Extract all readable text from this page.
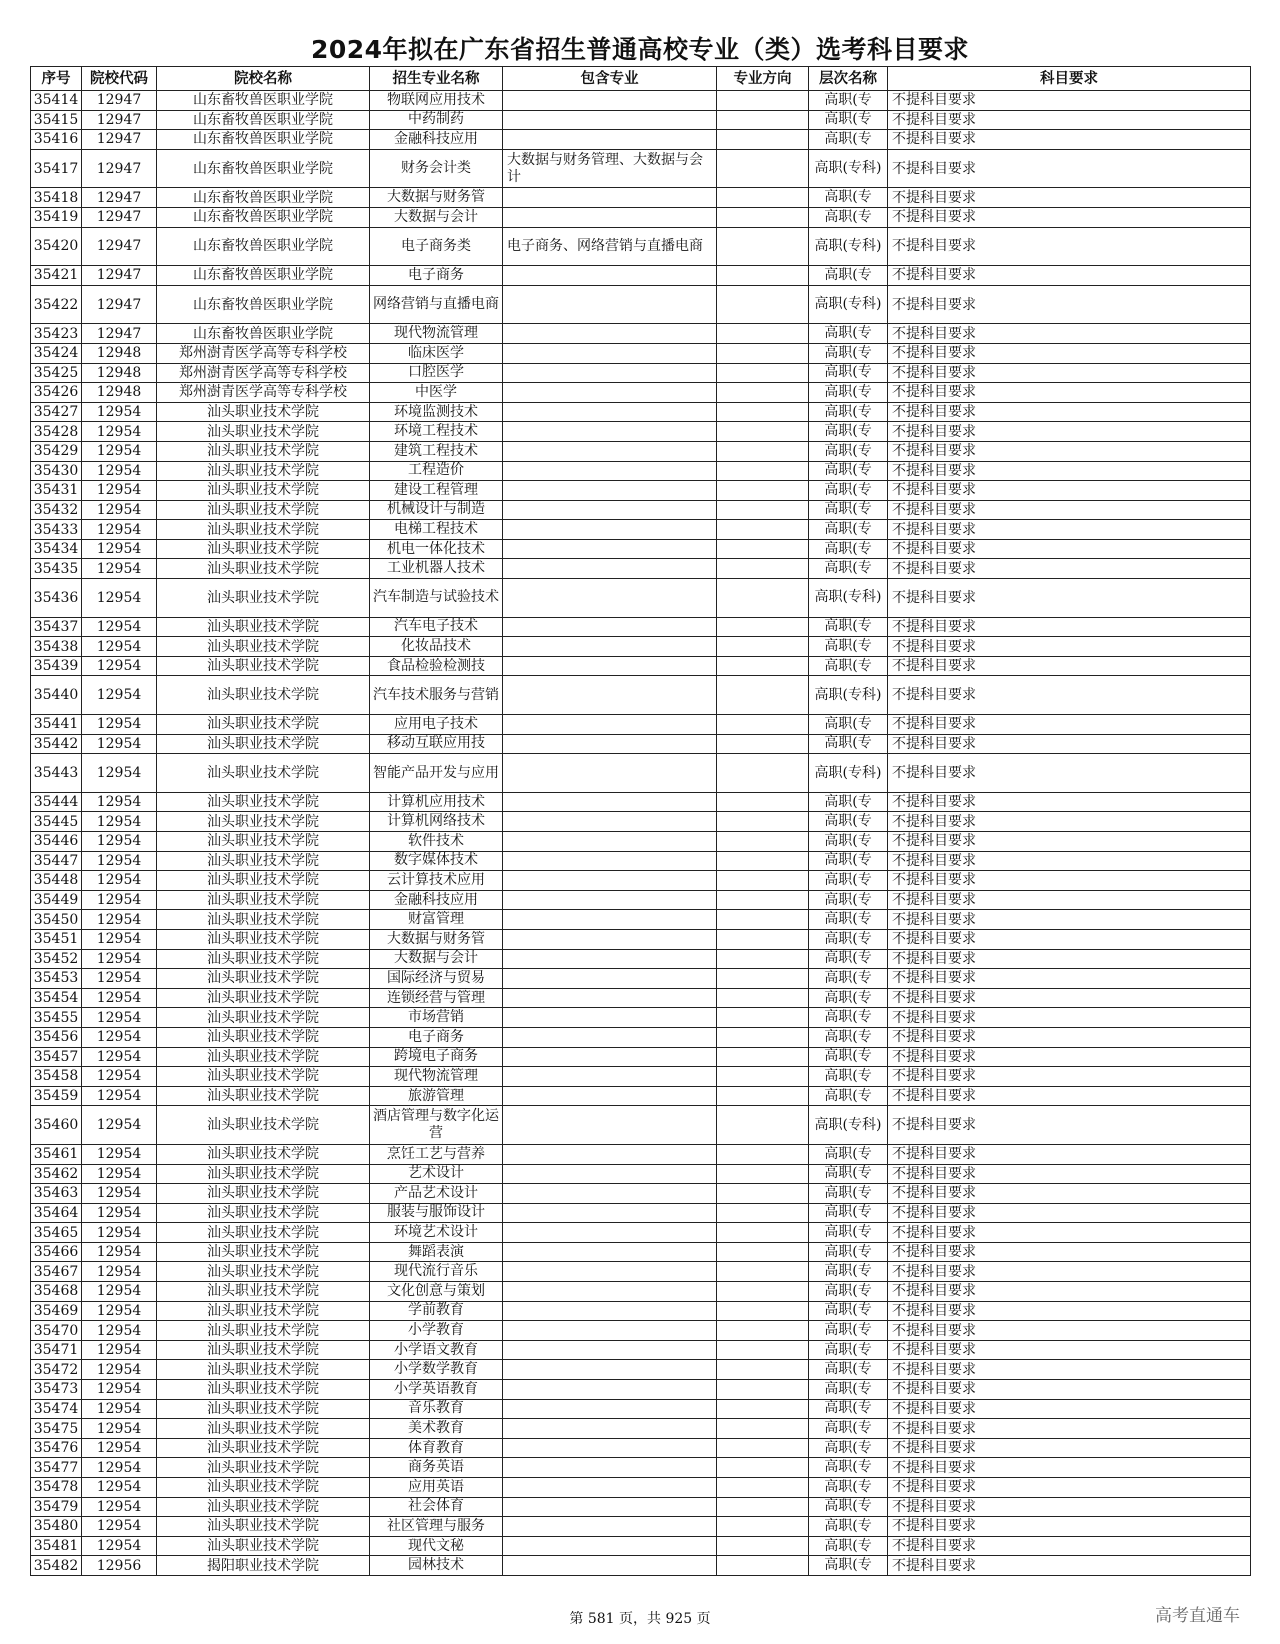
2024年拟在广东省招生普通高校专业（类）选考科目要求
序号	院校代码	院校名称	招生专业名称	包含专业	专业方向	层次名称	科目要求
35414	12947	山东畜牧兽医职业学院	物联网应用技术			高职(专	不提科目要求
35415	12947	山东畜牧兽医职业学院	中药制药			高职(专	不提科目要求
35416	12947	山东畜牧兽医职业学院	金融科技应用			高职(专	不提科目要求
35417	12947	山东畜牧兽医职业学院	财务会计类	大数据与财务管理、大数据与会计		高职(专科)	不提科目要求
35418	12947	山东畜牧兽医职业学院	大数据与财务管			高职(专	不提科目要求
35419	12947	山东畜牧兽医职业学院	大数据与会计			高职(专	不提科目要求
35420	12947	山东畜牧兽医职业学院	电子商务类	电子商务、网络营销与直播电商		高职(专科)	不提科目要求
35421	12947	山东畜牧兽医职业学院	电子商务			高职(专	不提科目要求
35422	12947	山东畜牧兽医职业学院	网络营销与直播电商			高职(专科)	不提科目要求
35423	12947	山东畜牧兽医职业学院	现代物流管理			高职(专	不提科目要求
35424	12948	郑州澍青医学高等专科学校	临床医学			高职(专	不提科目要求
35425	12948	郑州澍青医学高等专科学校	口腔医学			高职(专	不提科目要求
35426	12948	郑州澍青医学高等专科学校	中医学			高职(专	不提科目要求
35427	12954	汕头职业技术学院	环境监测技术			高职(专	不提科目要求
35428	12954	汕头职业技术学院	环境工程技术			高职(专	不提科目要求
35429	12954	汕头职业技术学院	建筑工程技术			高职(专	不提科目要求
35430	12954	汕头职业技术学院	工程造价			高职(专	不提科目要求
35431	12954	汕头职业技术学院	建设工程管理			高职(专	不提科目要求
35432	12954	汕头职业技术学院	机械设计与制造			高职(专	不提科目要求
35433	12954	汕头职业技术学院	电梯工程技术			高职(专	不提科目要求
35434	12954	汕头职业技术学院	机电一体化技术			高职(专	不提科目要求
35435	12954	汕头职业技术学院	工业机器人技术			高职(专	不提科目要求
35436	12954	汕头职业技术学院	汽车制造与试验技术			高职(专科)	不提科目要求
35437	12954	汕头职业技术学院	汽车电子技术			高职(专	不提科目要求
35438	12954	汕头职业技术学院	化妆品技术			高职(专	不提科目要求
35439	12954	汕头职业技术学院	食品检验检测技			高职(专	不提科目要求
35440	12954	汕头职业技术学院	汽车技术服务与营销			高职(专科)	不提科目要求
35441	12954	汕头职业技术学院	应用电子技术			高职(专	不提科目要求
35442	12954	汕头职业技术学院	移动互联应用技			高职(专	不提科目要求
35443	12954	汕头职业技术学院	智能产品开发与应用			高职(专科)	不提科目要求
35444	12954	汕头职业技术学院	计算机应用技术			高职(专	不提科目要求
35445	12954	汕头职业技术学院	计算机网络技术			高职(专	不提科目要求
35446	12954	汕头职业技术学院	软件技术			高职(专	不提科目要求
35447	12954	汕头职业技术学院	数字媒体技术			高职(专	不提科目要求
35448	12954	汕头职业技术学院	云计算技术应用			高职(专	不提科目要求
35449	12954	汕头职业技术学院	金融科技应用			高职(专	不提科目要求
35450	12954	汕头职业技术学院	财富管理			高职(专	不提科目要求
35451	12954	汕头职业技术学院	大数据与财务管			高职(专	不提科目要求
35452	12954	汕头职业技术学院	大数据与会计			高职(专	不提科目要求
35453	12954	汕头职业技术学院	国际经济与贸易			高职(专	不提科目要求
35454	12954	汕头职业技术学院	连锁经营与管理			高职(专	不提科目要求
35455	12954	汕头职业技术学院	市场营销			高职(专	不提科目要求
35456	12954	汕头职业技术学院	电子商务			高职(专	不提科目要求
35457	12954	汕头职业技术学院	跨境电子商务			高职(专	不提科目要求
35458	12954	汕头职业技术学院	现代物流管理			高职(专	不提科目要求
35459	12954	汕头职业技术学院	旅游管理			高职(专	不提科目要求
35460	12954	汕头职业技术学院	酒店管理与数字化运营			高职(专科)	不提科目要求
35461	12954	汕头职业技术学院	烹饪工艺与营养			高职(专	不提科目要求
35462	12954	汕头职业技术学院	艺术设计			高职(专	不提科目要求
35463	12954	汕头职业技术学院	产品艺术设计			高职(专	不提科目要求
35464	12954	汕头职业技术学院	服装与服饰设计			高职(专	不提科目要求
35465	12954	汕头职业技术学院	环境艺术设计			高职(专	不提科目要求
35466	12954	汕头职业技术学院	舞蹈表演			高职(专	不提科目要求
35467	12954	汕头职业技术学院	现代流行音乐			高职(专	不提科目要求
35468	12954	汕头职业技术学院	文化创意与策划			高职(专	不提科目要求
35469	12954	汕头职业技术学院	学前教育			高职(专	不提科目要求
35470	12954	汕头职业技术学院	小学教育			高职(专	不提科目要求
35471	12954	汕头职业技术学院	小学语文教育			高职(专	不提科目要求
35472	12954	汕头职业技术学院	小学数学教育			高职(专	不提科目要求
35473	12954	汕头职业技术学院	小学英语教育			高职(专	不提科目要求
35474	12954	汕头职业技术学院	音乐教育			高职(专	不提科目要求
35475	12954	汕头职业技术学院	美术教育			高职(专	不提科目要求
35476	12954	汕头职业技术学院	体育教育			高职(专	不提科目要求
35477	12954	汕头职业技术学院	商务英语			高职(专	不提科目要求
35478	12954	汕头职业技术学院	应用英语			高职(专	不提科目要求
35479	12954	汕头职业技术学院	社会体育			高职(专	不提科目要求
35480	12954	汕头职业技术学院	社区管理与服务			高职(专	不提科目要求
35481	12954	汕头职业技术学院	现代文秘			高职(专	不提科目要求
35482	12956	揭阳职业技术学院	园林技术			高职(专	不提科目要求
第 581 页，共 925 页	高考直通车
